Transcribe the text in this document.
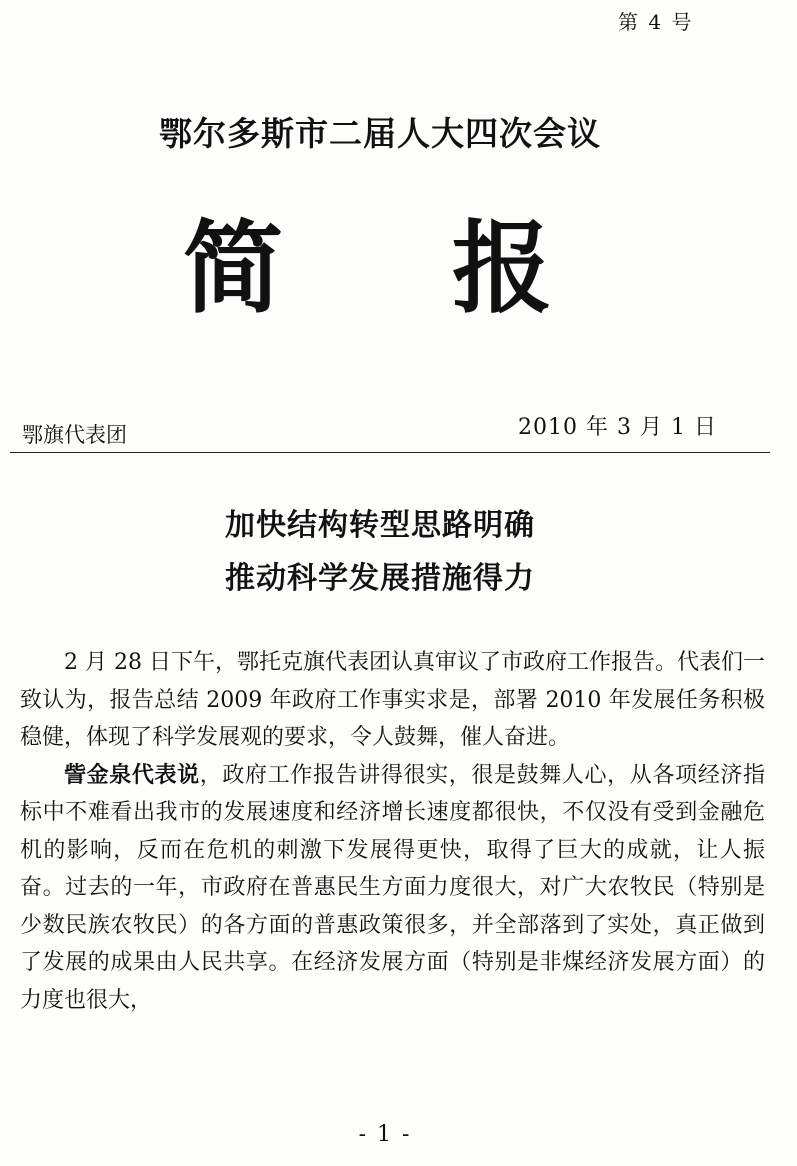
第 4 号
鄂尔多斯市二届人大四次会议
简 报
鄂旗代表团	2010 年 3 月 1 日
加快结构转型思路明确
推动科学发展措施得力

2 月 28 日下午，鄂托克旗代表团认真审议了市政府工作报告。代表们一致认为，报告总结 2009 年政府工作事实求是，部署 2010 年发展任务积极稳健，体现了科学发展观的要求，令人鼓舞，催人奋进。

訾金泉代表说，政府工作报告讲得很实，很是鼓舞人心，从各项经济指标中不难看出我市的发展速度和经济增长速度都很快，不仅没有受到金融危机的影响，反而在危机的刺激下发展得更快，取得了巨大的成就，让人振奋。过去的一年，市政府在普惠民生方面力度很大，对广大农牧民（特别是少数民族农牧民）的各方面的普惠政策很多，并全部落到了实处，真正做到了发展的成果由人民共享。在经济发展方面（特别是非煤经济发展方面）的力度也很大，

- 1 -
